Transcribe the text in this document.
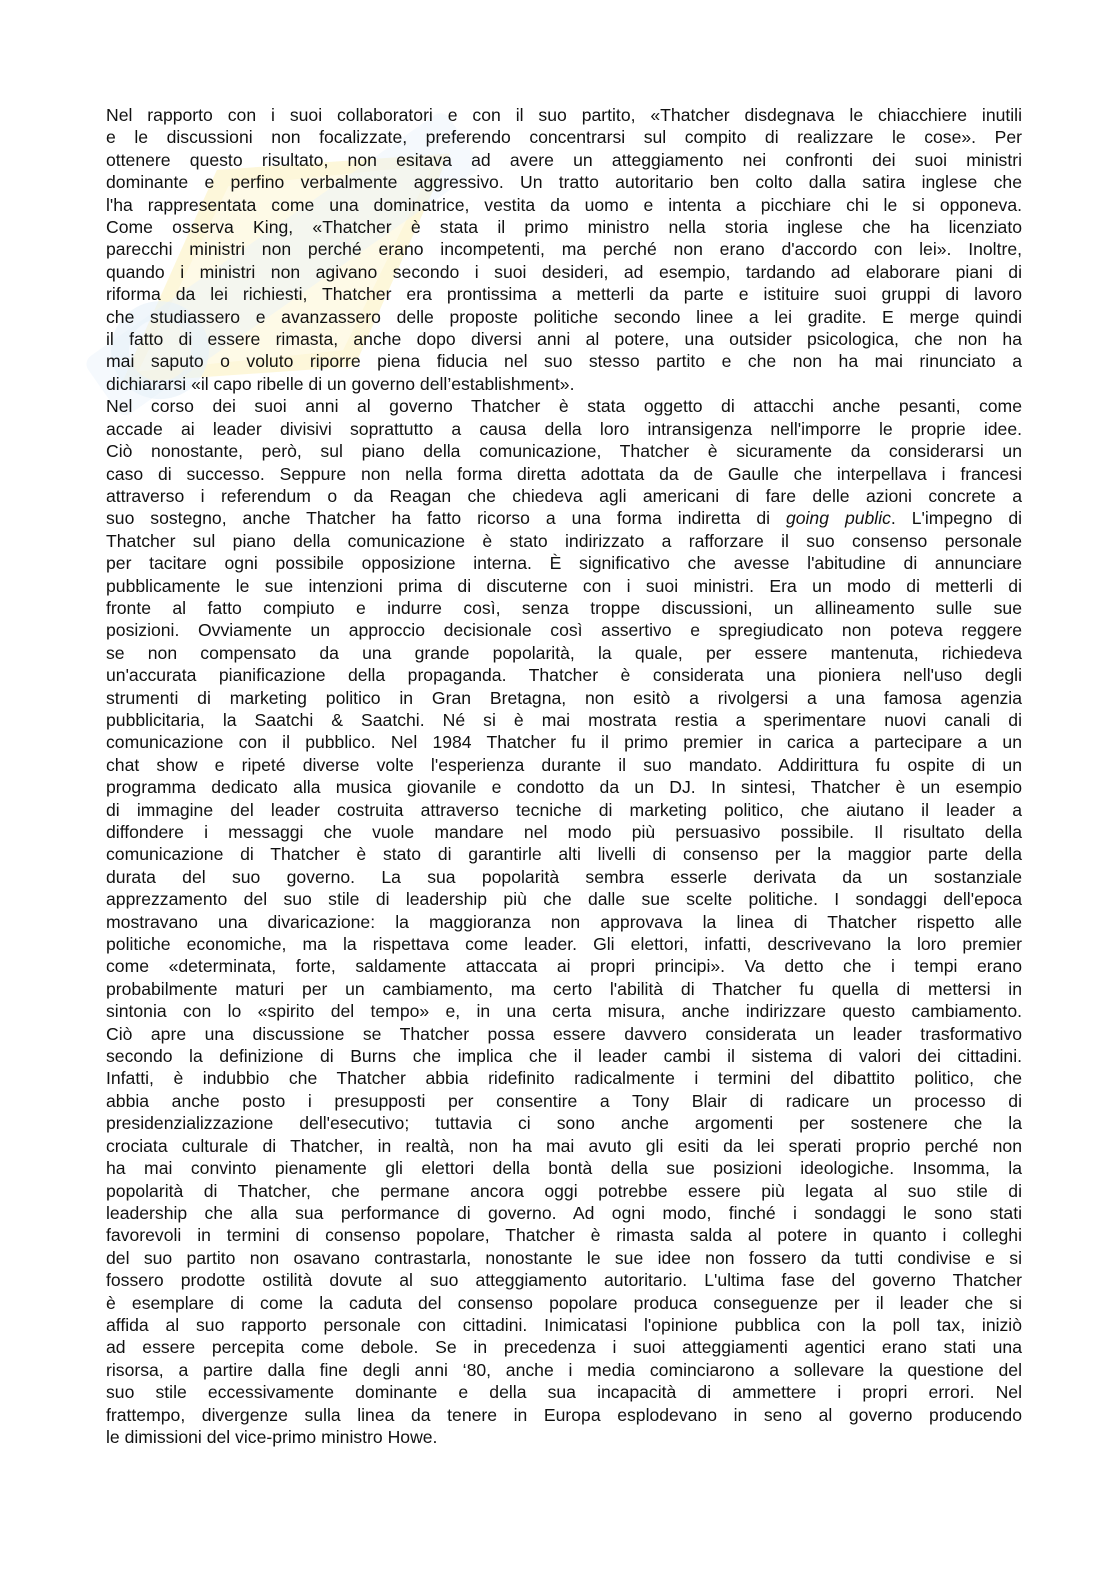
Nel rapporto con i suoi collaboratori e con il suo partito, «Thatcher disdegnava le chiacchiere inutili
e le discussioni non focalizzate, preferendo concentrarsi sul compito di realizzare le cose». Per
ottenere questo risultato, non esitava ad avere un atteggiamento nei confronti dei suoi ministri
dominante e perfino verbalmente aggressivo. Un tratto autoritario ben colto dalla satira inglese che
l'ha rappresentata come una dominatrice, vestita da uomo e intenta a picchiare chi le si opponeva.
Come osserva King, «Thatcher è stata il primo ministro nella storia inglese che ha licenziato
parecchi ministri non perché erano incompetenti, ma perché non erano d'accordo con lei». Inoltre,
quando i ministri non agivano secondo i suoi desideri, ad esempio, tardando ad elaborare piani di
riforma da lei richiesti, Thatcher era prontissima a metterli da parte e istituire suoi gruppi di lavoro
che studiassero e avanzassero delle proposte politiche secondo linee a lei gradite. E merge quindi
il fatto di essere rimasta, anche dopo diversi anni al potere, una outsider psicologica, che non ha
mai saputo o voluto riporre piena fiducia nel suo stesso partito e che non ha mai rinunciato a
dichiararsi «il capo ribelle di un governo dell’establishment».
Nel corso dei suoi anni al governo Thatcher è stata oggetto di attacchi anche pesanti, come
accade ai leader divisivi soprattutto a causa della loro intransigenza nell'imporre le proprie idee.
Ciò nonostante, però, sul piano della comunicazione, Thatcher è sicuramente da considerarsi un
caso di successo. Seppure non nella forma diretta adottata da de Gaulle che interpellava i francesi
attraverso i referendum o da Reagan che chiedeva agli americani di fare delle azioni concrete a
suo sostegno, anche Thatcher ha fatto ricorso a una forma indiretta di going public. L'impegno di
Thatcher sul piano della comunicazione è stato indirizzato a rafforzare il suo consenso personale
per tacitare ogni possibile opposizione interna. È significativo che avesse l'abitudine di annunciare
pubblicamente le sue intenzioni prima di discuterne con i suoi ministri. Era un modo di metterli di
fronte al fatto compiuto e indurre così, senza troppe discussioni, un allineamento sulle sue
posizioni. Ovviamente un approccio decisionale così assertivo e spregiudicato non poteva reggere
se non compensato da una grande popolarità, la quale, per essere mantenuta, richiedeva
un'accurata pianificazione della propaganda. Thatcher è considerata una pioniera nell'uso degli
strumenti di marketing politico in Gran Bretagna, non esitò a rivolgersi a una famosa agenzia
pubblicitaria, la Saatchi & Saatchi. Né si è mai mostrata restia a sperimentare nuovi canali di
comunicazione con il pubblico. Nel 1984 Thatcher fu il primo premier in carica a partecipare a un
chat show e ripeté diverse volte l'esperienza durante il suo mandato. Addirittura fu ospite di un
programma dedicato alla musica giovanile e condotto da un DJ. In sintesi, Thatcher è un esempio
di immagine del leader costruita attraverso tecniche di marketing politico, che aiutano il leader a
diffondere i messaggi che vuole mandare nel modo più persuasivo possibile. Il risultato della
comunicazione di Thatcher è stato di garantirle alti livelli di consenso per la maggior parte della
durata del suo governo. La sua popolarità sembra esserle derivata da un sostanziale
apprezzamento del suo stile di leadership più che dalle sue scelte politiche. I sondaggi dell'epoca
mostravano una divaricazione: la maggioranza non approvava la linea di Thatcher rispetto alle
politiche economiche, ma la rispettava come leader. Gli elettori, infatti, descrivevano la loro premier
come «determinata, forte, saldamente attaccata ai propri principi». Va detto che i tempi erano
probabilmente maturi per un cambiamento, ma certo l'abilità di Thatcher fu quella di mettersi in
sintonia con lo «spirito del tempo» e, in una certa misura, anche indirizzare questo cambiamento.
Ciò apre una discussione se Thatcher possa essere davvero considerata un leader trasformativo
secondo la definizione di Burns che implica che il leader cambi il sistema di valori dei cittadini.
Infatti, è indubbio che Thatcher abbia ridefinito radicalmente i termini del dibattito politico, che
abbia anche posto i presupposti per consentire a Tony Blair di radicare un processo di
presidenzializzazione dell'esecutivo; tuttavia ci sono anche argomenti per sostenere che la
crociata culturale di Thatcher, in realtà, non ha mai avuto gli esiti da lei sperati proprio perché non
ha mai convinto pienamente gli elettori della bontà della sue posizioni ideologiche. Insomma, la
popolarità di Thatcher, che permane ancora oggi potrebbe essere più legata al suo stile di
leadership che alla sua performance di governo. Ad ogni modo, finché i sondaggi le sono stati
favorevoli in termini di consenso popolare, Thatcher è rimasta salda al potere in quanto i colleghi
del suo partito non osavano contrastarla, nonostante le sue idee non fossero da tutti condivise e si
fossero prodotte ostilità dovute al suo atteggiamento autoritario. L'ultima fase del governo Thatcher
è esemplare di come la caduta del consenso popolare produca conseguenze per il leader che si
affida al suo rapporto personale con cittadini. Inimicatasi l'opinione pubblica con la poll tax, iniziò
ad essere percepita come debole. Se in precedenza i suoi atteggiamenti agentici erano stati una
risorsa, a partire dalla fine degli anni ‘80, anche i media cominciarono a sollevare la questione del
suo stile eccessivamente dominante e della sua incapacità di ammettere i propri errori. Nel
frattempo, divergenze sulla linea da tenere in Europa esplodevano in seno al governo producendo
le dimissioni del vice-primo ministro Howe.
